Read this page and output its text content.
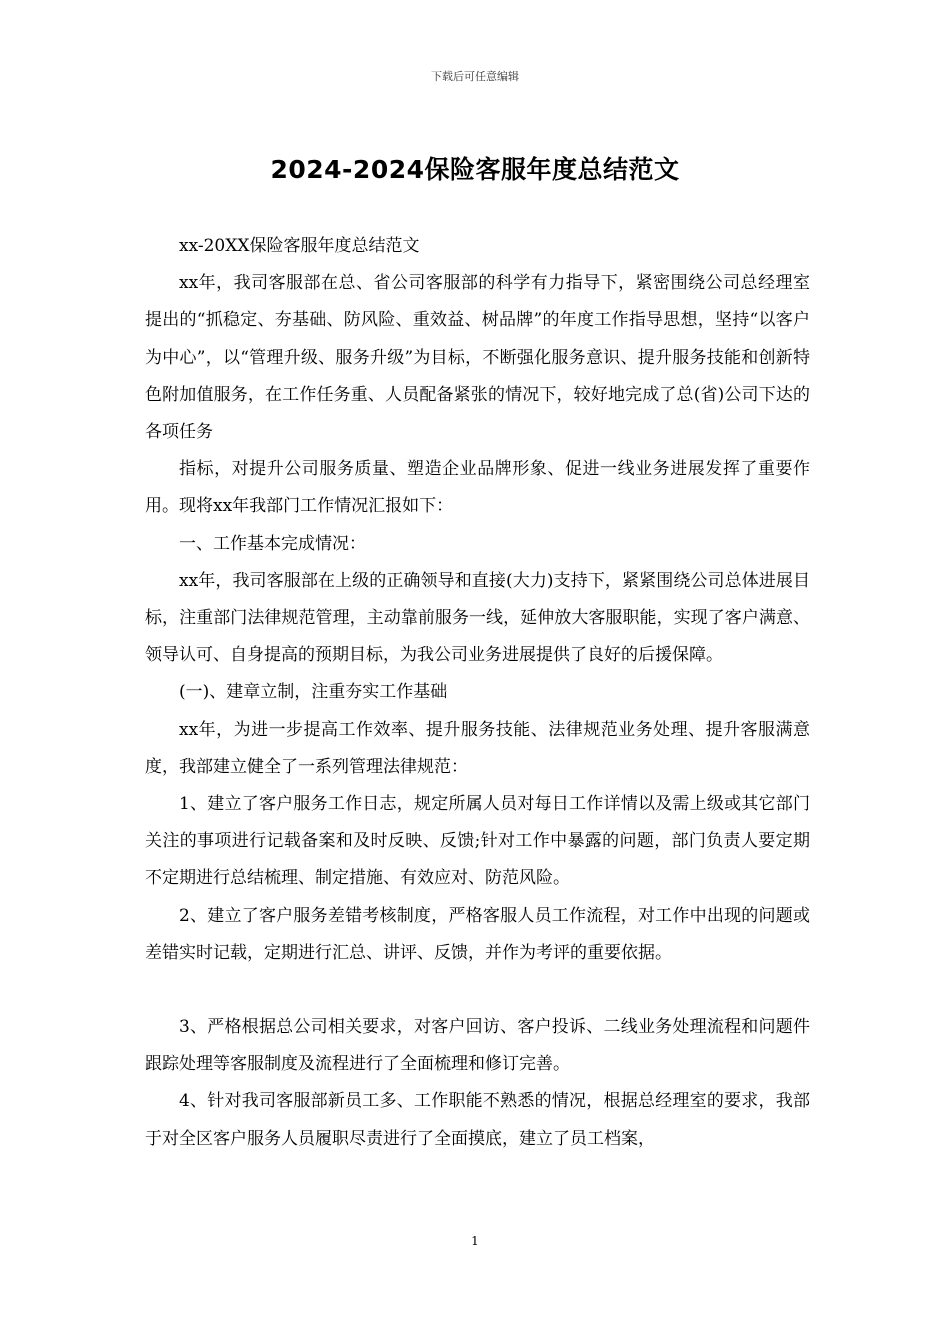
下载后可任意编辑
2024-2024保险客服年度总结范文

xx-20XX保险客服年度总结范文

xx年，我司客服部在总、省公司客服部的科学有力指导下，紧密围绕公司总经理室提出的“抓稳定、夯基础、防风险、重效益、树品牌”的年度工作指导思想，坚持“以客户为中心”，以“管理升级、服务升级”为目标，不断强化服务意识、提升服务技能和创新特色附加值服务，在工作任务重、人员配备紧张的情况下，较好地完成了总(省)公司下达的各项任务

指标，对提升公司服务质量、塑造企业品牌形象、促进一线业务进展发挥了重要作用。现将xx年我部门工作情况汇报如下：

一、工作基本完成情况：

xx年，我司客服部在上级的正确领导和直接(大力)支持下，紧紧围绕公司总体进展目标，注重部门法律规范管理，主动靠前服务一线，延伸放大客服职能，实现了客户满意、领导认可、自身提高的预期目标，为我公司业务进展提供了良好的后援保障。

(一)、建章立制，注重夯实工作基础

xx年，为进一步提高工作效率、提升服务技能、法律规范业务处理、提升客服满意度，我部建立健全了一系列管理法律规范：

1、建立了客户服务工作日志，规定所属人员对每日工作详情以及需上级或其它部门关注的事项进行记载备案和及时反映、反馈;针对工作中暴露的问题，部门负责人要定期不定期进行总结梳理、制定措施、有效应对、防范风险。

2、建立了客户服务差错考核制度，严格客服人员工作流程，对工作中出现的问题或差错实时记载，定期进行汇总、讲评、反馈，并作为考评的重要依据。

3、严格根据总公司相关要求，对客户回访、客户投诉、二线业务处理流程和问题件跟踪处理等客服制度及流程进行了全面梳理和修订完善。

4、针对我司客服部新员工多、工作职能不熟悉的情况，根据总经理室的要求，我部于对全区客户服务人员履职尽责进行了全面摸底，建立了员工档案，

1
